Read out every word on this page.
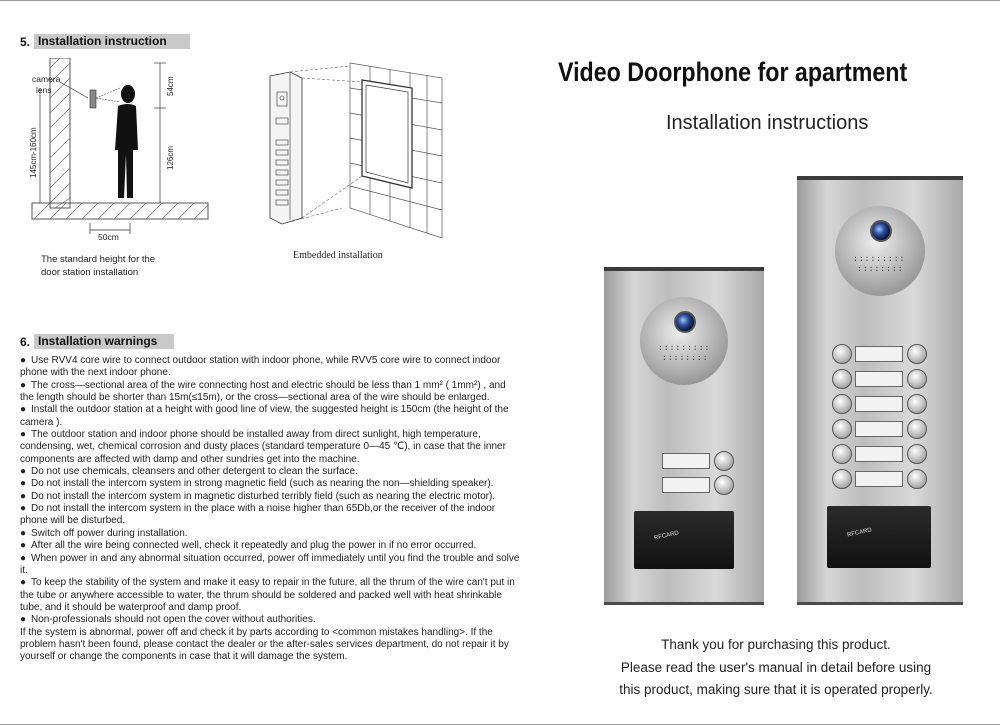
5. Installation instruction
camera
lens
145cm-160cm
54cm
126cm
50cm
The standard height for the
door station installation
Embedded installation
6. Installation warnings

● Use RVV4 core wire to connect outdoor station with indoor phone, while RVV5 core wire to connect indoor phone with the next indoor phone.

● The cross—sectional area of the wire connecting host and electric should be less than 1 mm² ( 1mm²) , and the length should be shorter than 15m(≤15m), or the cross—sectional area of the wire should be enlarged.

● Install the outdoor station at a height with good line of view, the suggested height is 150cm (the height of the camera ).

● The outdoor station and indoor phone should be installed away from direct sunlight, high temperature, condensing, wet, chemical corrosion and dusty places (standard temperature 0—45 ℃), in case that the inner components are affected with damp and other sundries get into the machine.

● Do not use chemicals, cleansers and other detergent to clean the surface.

● Do not install the intercom system in strong magnetic field (such as nearing the non—shielding speaker).

● Do not install the intercom system in magnetic disturbed terribly field (such as nearing the electric motor).

● Do not install the intercom system in the place with a noise higher than 65Db,or the receiver of the indoor phone will be disturbed.

● Switch off power during installation.

● After all the wire being connected well, check it repeatedly and plug the power in if no error occurred.

● When power in and any abnormal situation occurred, power off immediately until you find the trouble and solve it.

● To keep the stability of the system and make it easy to repair in the future, all the thrum of the wire can't put in the tube or anywhere accessible to water, the thrum should be soldered and packed well with heat shrinkable tube, and it should be waterproof and damp proof.

● Non-professionals should not open the cover without authorities.

If the system is abnormal, power off and check it by parts according to <common mistakes handling>. If the problem hasn't been found, please contact the dealer or the after-sales services department, do not repair it by yourself or change the components in case that it will damage the system.

Video Doorphone for apartment
Installation instructions
:::::::::
::::::::
RFCARD
:::::::::
::::::::
RFCARD
Thank you for purchasing this product.
Please read the user's manual in detail before using
this product, making sure that it is operated properly.
